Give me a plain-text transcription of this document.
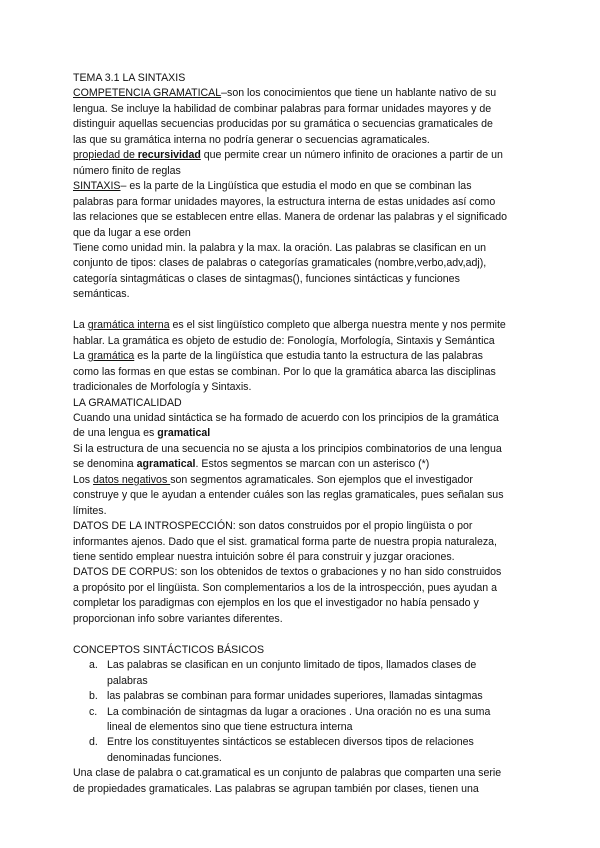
TEMA 3.1 LA SINTAXIS
COMPETENCIA GRAMATICAL–son los conocimientos que tiene un hablante nativo de su
lengua. Se incluye la habilidad de combinar palabras para formar unidades mayores y de
distinguir aquellas secuencias producidas por su gramática o secuencias gramaticales de
las que su gramática interna no podría generar o secuencias agramaticales.
propiedad de recursividad que permite crear un número infinito de oraciones a partir de un
número finito de reglas
SINTAXIS– es la parte de la Lingüística que estudia el modo en que se combinan las
palabras para formar unidades mayores, la estructura interna de estas unidades así como
las relaciones que se establecen entre ellas. Manera de ordenar las palabras y el significado
que da lugar a ese orden
Tiene como unidad min. la palabra y la max. la oración. Las palabras se clasifican en un
conjunto de tipos: clases de palabras o categorías gramaticales (nombre,verbo,adv,adj),
categoría sintagmáticas o clases de sintagmas(), funciones sintácticas y funciones
semánticas.
La gramática interna es el sist lingüístico completo que alberga nuestra mente y nos permite
hablar. La gramática es objeto de estudio de: Fonología, Morfología, Sintaxis y Semántica
La gramática es la parte de la lingüística que estudia tanto la estructura de las palabras
como las formas en que estas se combinan. Por lo que la gramática abarca las disciplinas
tradicionales de Morfología y Sintaxis.
LA GRAMATICALIDAD
Cuando una unidad sintáctica se ha formado de acuerdo con los principios de la gramática
de una lengua es gramatical
Si la estructura de una secuencia no se ajusta a los principios combinatorios de una lengua
se denomina agramatical. Estos segmentos se marcan con un asterisco (*)
Los datos negativos son segmentos agramaticales. Son ejemplos que el investigador
construye y que le ayudan a entender cuáles son las reglas gramaticales, pues señalan sus
límites.
DATOS DE LA INTROSPECCIÓN: son datos construidos por el propio lingüista o por
informantes ajenos. Dado que el sist. gramatical forma parte de nuestra propia naturaleza,
tiene sentido emplear nuestra intuición sobre él para construir y juzgar oraciones.
DATOS DE CORPUS: son los obtenidos de textos o grabaciones y no han sido construidos
a propósito por el lingüista. Son complementarios a los de la introspección, pues ayudan a
completar los paradigmas con ejemplos en los que el investigador no había pensado y
proporcionan info sobre variantes diferentes.
CONCEPTOS SINTÁCTICOS BÁSICOS
a. Las palabras se clasifican en un conjunto limitado de tipos, llamados clases de
palabras
b. las palabras se combinan para formar unidades superiores, llamadas sintagmas
c. La combinación de sintagmas da lugar a oraciones . Una oración no es una suma
lineal de elementos sino que tiene estructura interna
d. Entre los constituyentes sintácticos se establecen diversos tipos de relaciones
denominadas funciones.
Una clase de palabra o cat.gramatical es un conjunto de palabras que comparten una serie
de propiedades gramaticales. Las palabras se agrupan también por clases, tienen una
